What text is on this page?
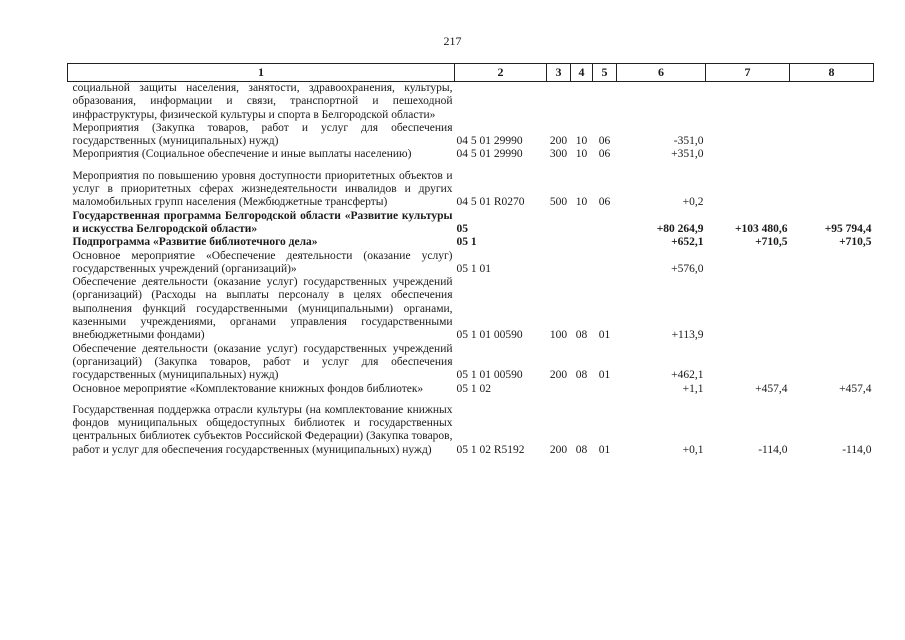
217
1	2	3	4	5	6	7	8
социальной защиты населения, занятости, здравоохранения, культуры, образования, информации и связи, транспортной и пешеходной инфраструктуры, физической культуры и спорта в Белгородской области»							
Мероприятия (Закупка товаров, работ и услуг для обеспечения государственных (муниципальных) нужд)	04 5 01 29990	200	10	06	-351,0		
Мероприятия (Социальное обеспечение и иные выплаты населению)	04 5 01 29990	300	10	06	+351,0		

Мероприятия по повышению уровня доступности приоритетных объектов и услуг в приоритетных сферах жизнедеятельности инвалидов и других маломобильных групп населения (Межбюджетные трансферты)	04 5 01 R0270	500	10	06	+0,2		
Государственная программа Белгородской области «Развитие культуры и искусства Белгородской области»	05				+80 264,9	+103 480,6	+95 794,4
Подпрограмма «Развитие библиотечного дела»	05 1				+652,1	+710,5	+710,5
Основное мероприятие «Обеспечение деятельности (оказание услуг) государственных учреждений (организаций)»	05 1 01				+576,0		
Обеспечение деятельности (оказание услуг) государственных учреждений (организаций) (Расходы на выплаты персоналу в целях обеспечения выполнения функций государственными (муниципальными) органами, казенными учреждениями, органами управления государственными внебюджетными фондами)	05 1 01 00590	100	08	01	+113,9		
Обеспечение деятельности (оказание услуг) государственных учреждений (организаций) (Закупка товаров, работ и услуг для обеспечения государственных (муниципальных) нужд)	05 1 01 00590	200	08	01	+462,1		
Основное мероприятие «Комплектование книжных фондов библиотек»	05 1 02				+1,1	+457,4	+457,4

Государственная поддержка отрасли культуры (на комплектование книжных фондов муниципальных общедоступных библиотек и государственных центральных библиотек субъектов Российской Федерации) (Закупка товаров, работ и услуг для обеспечения государственных (муниципальных) нужд)	05 1 02 R5192	200	08	01	+0,1	-114,0	-114,0
